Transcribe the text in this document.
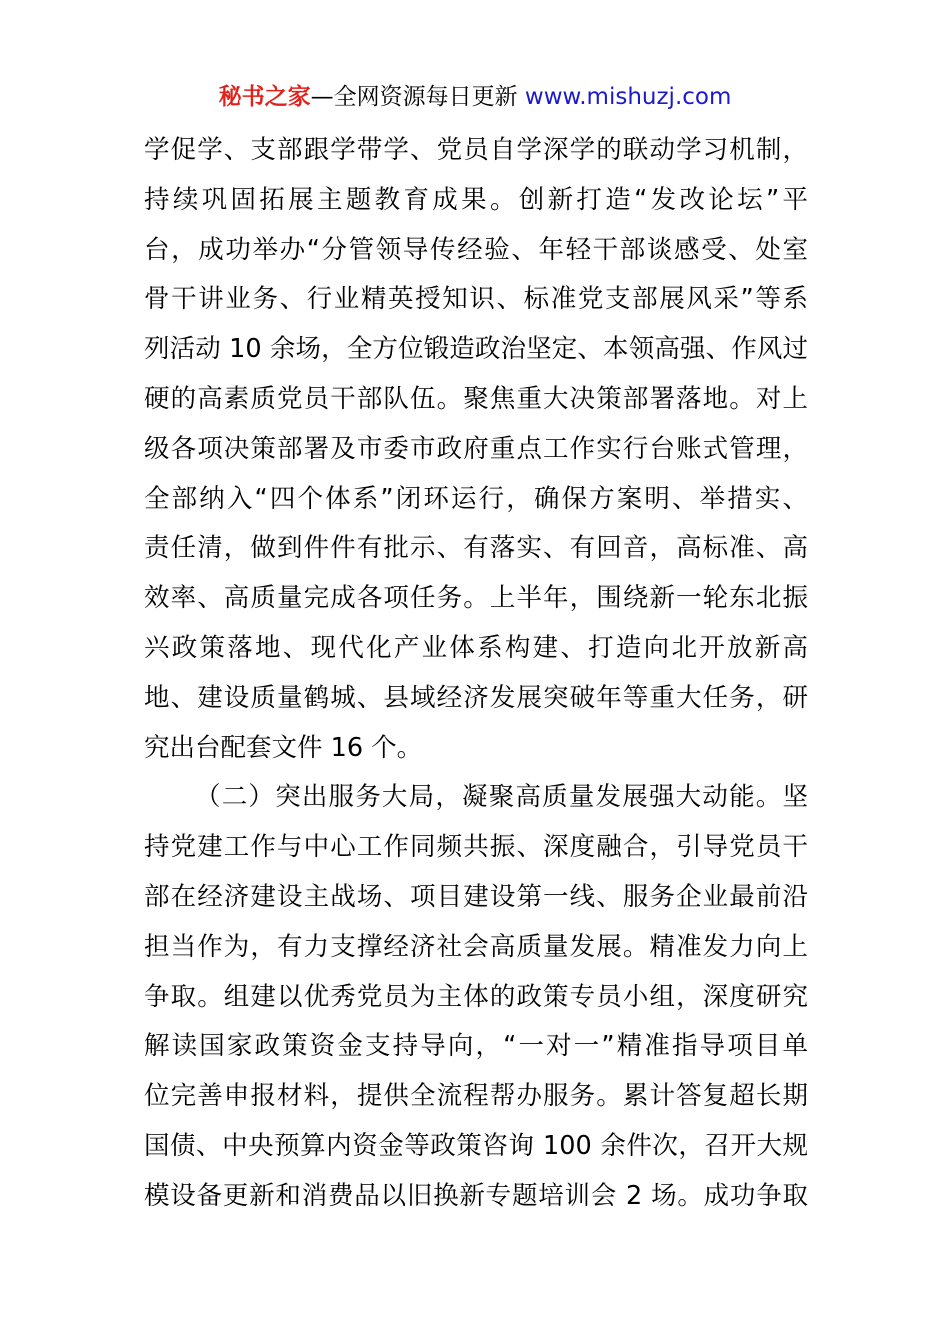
秘书之家—全网资源每日更新 www.mishuzj.com
学促学、支部跟学带学、党员自学深学的联动学习机制，
持续巩固拓展主题教育成果。创新打造“发改论坛”平
台，成功举办“分管领导传经验、年轻干部谈感受、处室
骨干讲业务、行业精英授知识、标准党支部展风采”等系
列活动 10 余场，全方位锻造政治坚定、本领高强、作风过
硬的高素质党员干部队伍。聚焦重大决策部署落地。对上
级各项决策部署及市委市政府重点工作实行台账式管理，
全部纳入“四个体系”闭环运行，确保方案明、举措实、
责任清，做到件件有批示、有落实、有回音，高标准、高
效率、高质量完成各项任务。上半年，围绕新一轮东北振
兴政策落地、现代化产业体系构建、打造向北开放新高
地、建设质量鹤城、县域经济发展突破年等重大任务，研
究出台配套文件 16 个。
（二）突出服务大局，凝聚高质量发展强大动能。坚
持党建工作与中心工作同频共振、深度融合，引导党员干
部在经济建设主战场、项目建设第一线、服务企业最前沿
担当作为，有力支撑经济社会高质量发展。精准发力向上
争取。组建以优秀党员为主体的政策专员小组，深度研究
解读国家政策资金支持导向，“一对一”精准指导项目单
位完善申报材料，提供全流程帮办服务。累计答复超长期
国债、中央预算内资金等政策咨询 100 余件次，召开大规
模设备更新和消费品以旧换新专题培训会 2 场。成功争取
